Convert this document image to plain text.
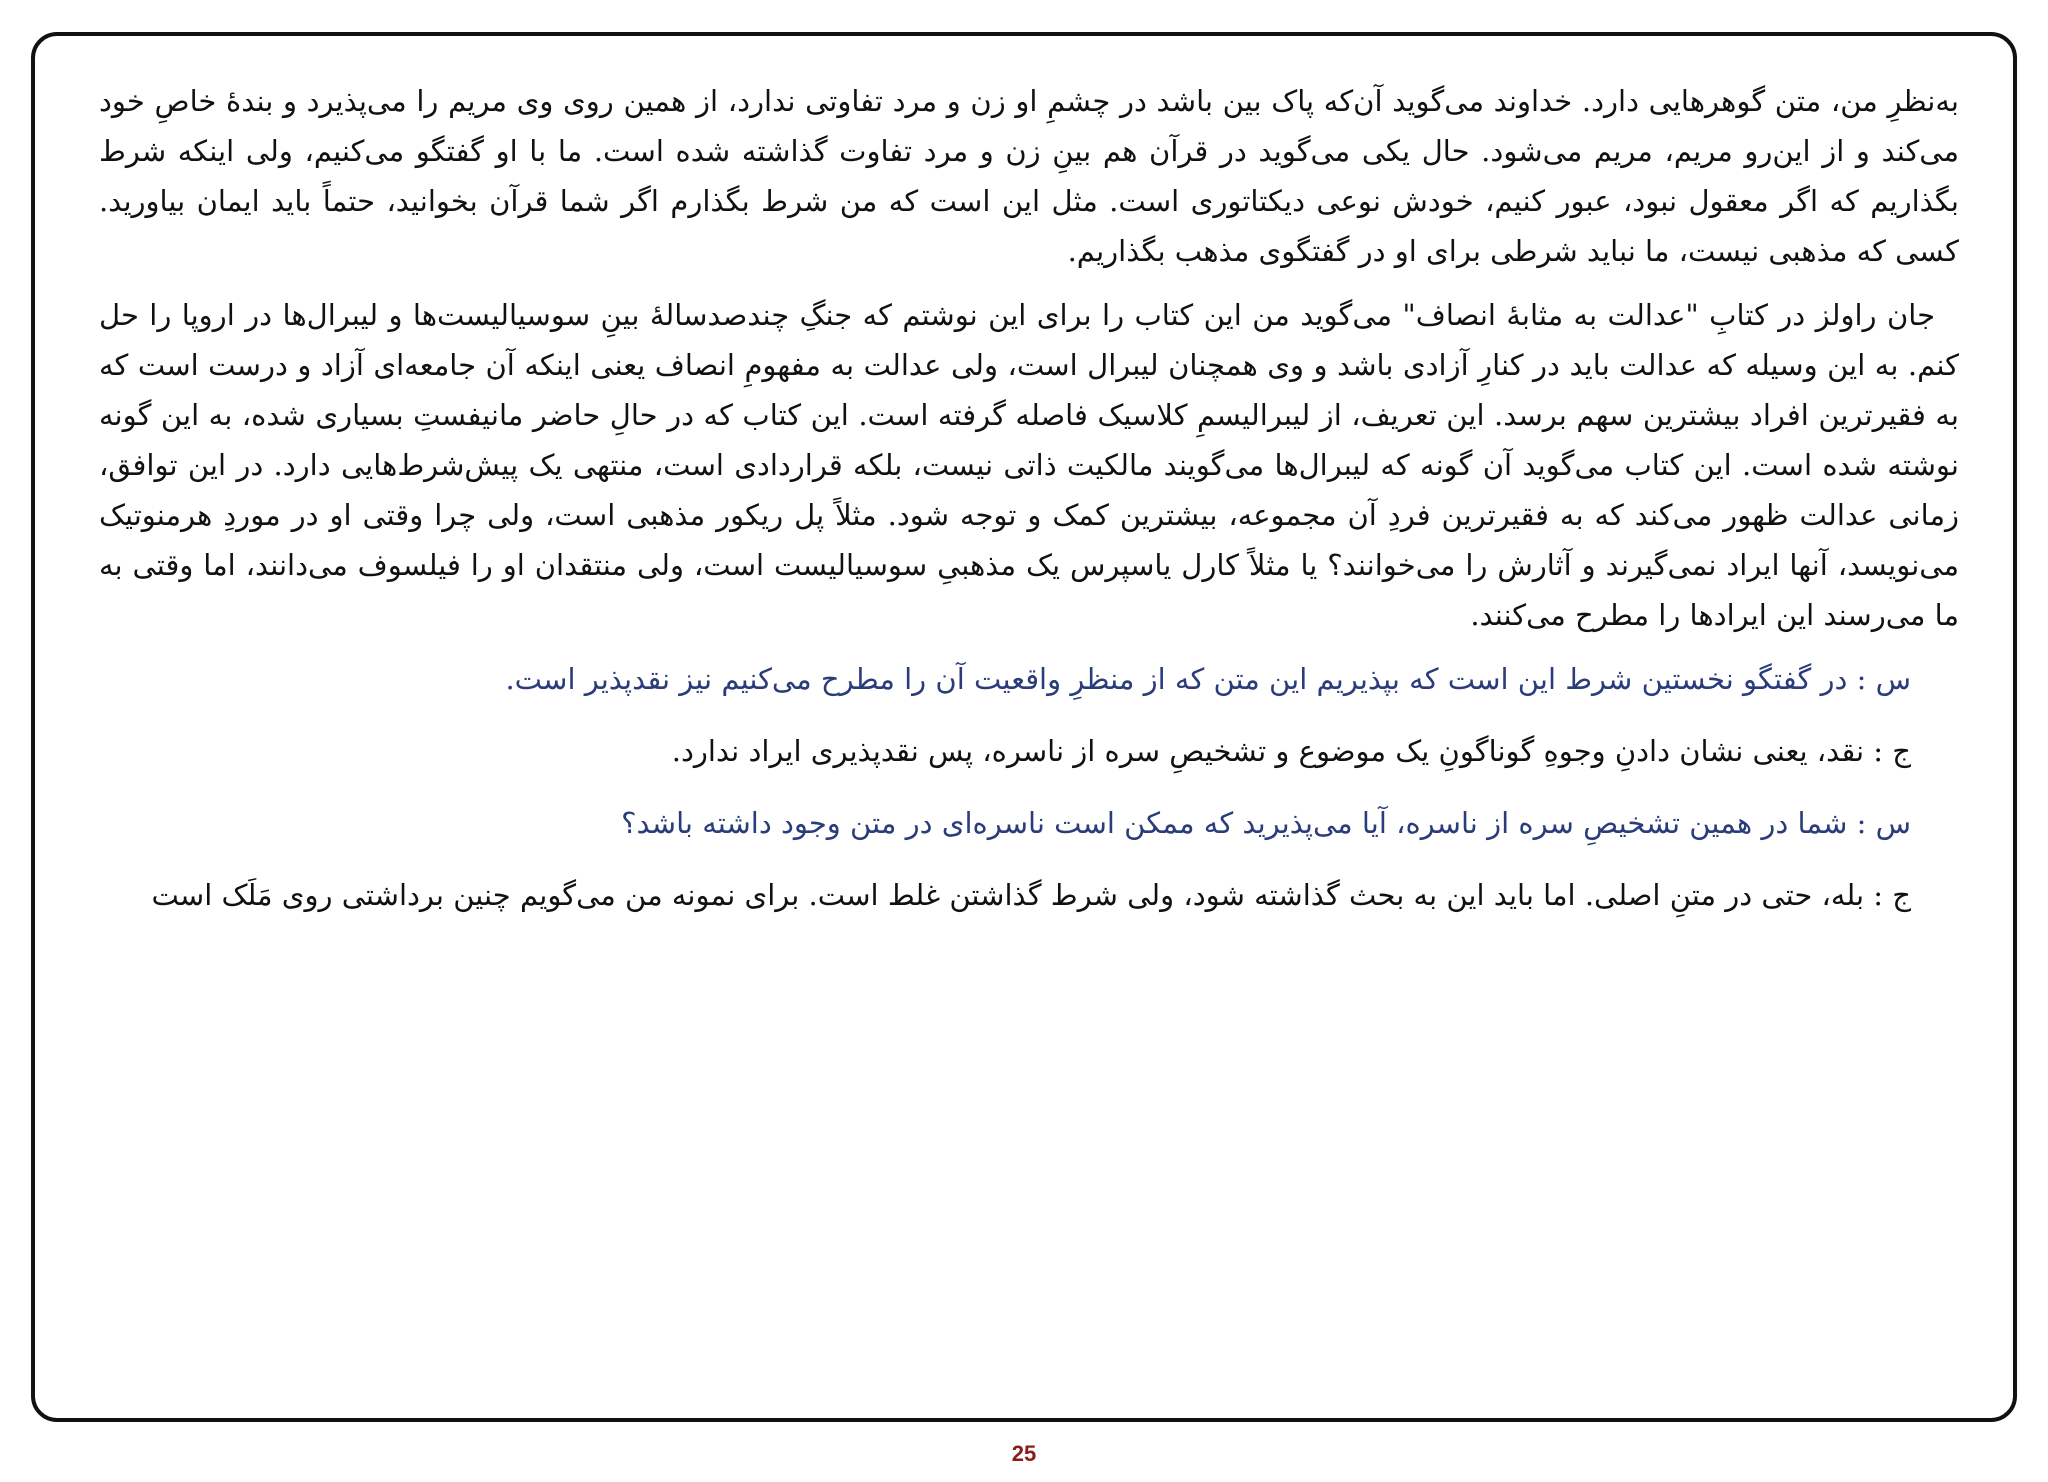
به‌نظرِ من، متن گوهرهایی دارد. خداوند می‌گوید آن‌که پاک بین باشد در چشمِ او زن و مرد تفاوتی ندارد، از همین روی وی مریم را می‌پذیرد و بندهٔ خاصِ خود می‌کند و از این‌رو مریم، مریم می‌شود. حال یکی می‌گوید در قرآن هم بینِ زن و مرد تفاوت گذاشته شده است. ما با او گفتگو می‌کنیم، ولی اینکه شرط بگذاریم که اگر معقول نبود، عبور کنیم، خودش نوعی دیکتاتوری است. مثل این است که من شرط بگذارم اگر شما قرآن بخوانید، حتماً باید ایمان بیاورید. کسی که مذهبی نیست، ما نباید شرطی برای او در گفتگوی مذهب بگذاریم.

جان راولز در کتابِ "عدالت به مثابهٔ انصاف" می‌گوید من این کتاب را برای این نوشتم که جنگِ چندصدسالهٔ بینِ سوسیالیست‌ها و لیبرال‌ها در اروپا را حل کنم. به این وسیله که عدالت باید در کنارِ آزادی باشد و وی همچنان لیبرال است، ولی عدالت به مفهومِ انصاف یعنی اینکه آن جامعه‌ای آزاد و درست است که به فقیرترین افراد بیشترین سهم برسد. این تعریف، از لیبرالیسمِ کلاسیک فاصله گرفته است. این کتاب که در حالِ حاضر مانیفستِ بسیاری شده، به این گونه نوشته شده است. این کتاب می‌گوید آن گونه که لیبرال‌ها می‌گویند مالکیت ذاتی نیست، بلکه قراردادی است، منتهی یک پیش‌شرط‌هایی دارد. در این توافق، زمانی عدالت ظهور می‌کند که به فقیرترین فردِ آن مجموعه، بیشترین کمک و توجه شود. مثلاً پل ریکور مذهبی است، ولی چرا وقتی او در موردِ هرمنوتیک می‌نویسد، آنها ایراد نمی‌گیرند و آثارش را می‌خوانند؟ یا مثلاً کارل یاسپرس یک مذهبیِ سوسیالیست است، ولی منتقدان او را فیلسوف می‌دانند، اما وقتی به ما می‌رسند این ایرادها را مطرح می‌کنند.

س : در گفتگو نخستین شرط این است که بپذیریم این متن که از منظرِ واقعیت آن را مطرح می‌کنیم نیز نقدپذیر است.

ج : نقد، یعنی نشان دادنِ وجوهِ گوناگونِ یک موضوع و تشخیصِ سره از ناسره، پس نقدپذیری ایراد ندارد.

س : شما در همین تشخیصِ سره از ناسره، آیا می‌پذیرید که ممکن است ناسره‌ای در متن وجود داشته باشد؟

ج : بله، حتی در متنِ اصلی. اما باید این به بحث گذاشته شود، ولی شرط گذاشتن غلط است. برای نمونه من می‌گویم چنین برداشتی روی مَلَک است

25
